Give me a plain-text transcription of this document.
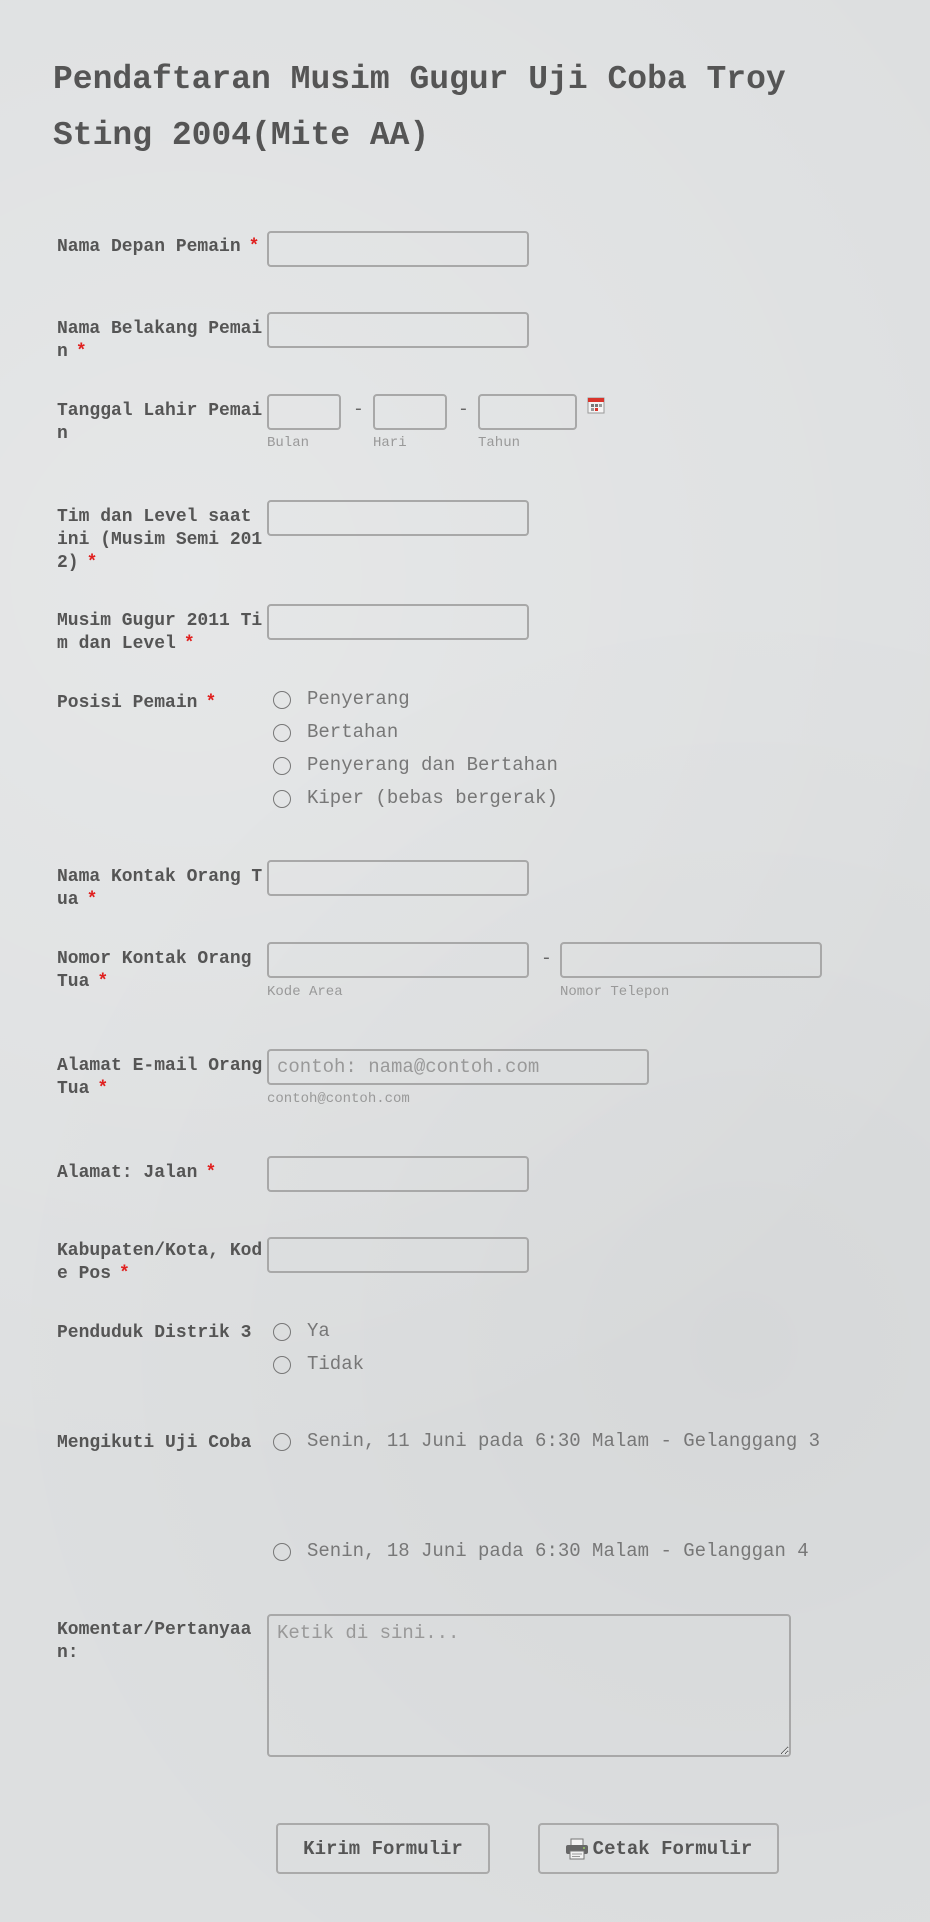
Pendaftaran Musim Gugur Uji Coba Troy Sting 2004(Mite AA)
Nama Depan Pemain *
Nama Belakang Pemain *
Tanggal Lahir Pemain
-	-
Bulan	Hari	Tahun
Tim dan Level saat ini (Musim Semi 2012) *
Musim Gugur 2011 Tim dan Level *
Posisi Pemain *	Penyerang
Bertahan
Penyerang dan Bertahan
Kiper (bebas bergerak)
Nama Kontak Orang Tua *
Nomor Kontak Orang Tua *
-
Kode Area	Nomor Telepon
Alamat E-mail Orang Tua *
contoh: nama@contoh.com	contoh@contoh.com
Alamat: Jalan *
Kabupaten/Kota, Kode Pos *
Penduduk Distrik 3	Ya
Tidak
Mengikuti Uji Coba	Senin, 11 Juni pada 6:30 Malam - Gelanggang 3
Senin, 18 Juni pada 6:30 Malam - Gelanggan 4
Komentar/Pertanyaan:
Ketik di sini...
Kirim Formulir	Cetak Formulir
